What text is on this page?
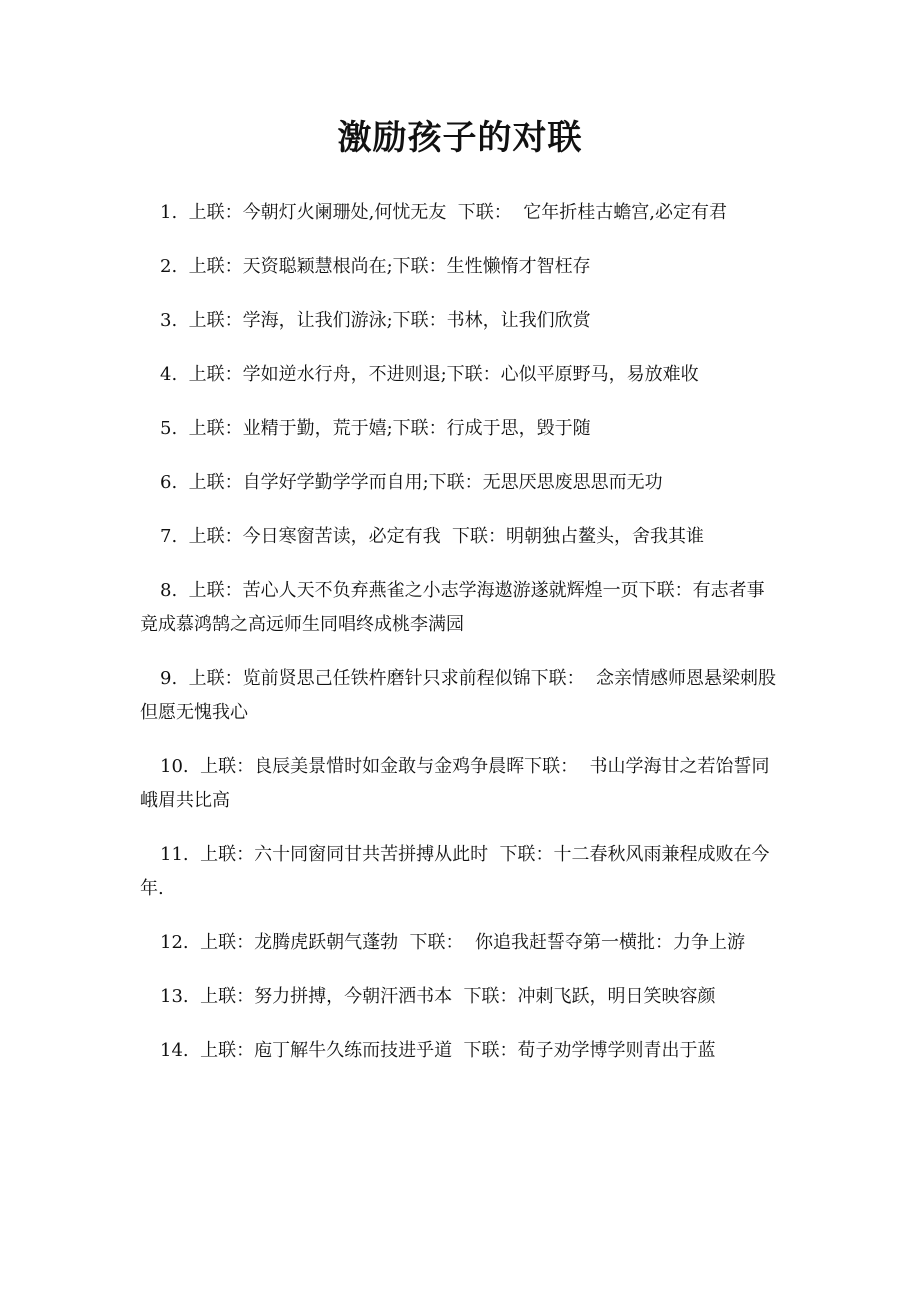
激励孩子的对联
1.  上联：今朝灯火阑珊处,何忧无友  下联：  它年折桂古蟾宫,必定有君
2.  上联：天资聪颖慧根尚在;下联：生性懒惰才智枉存
3.  上联：学海，让我们游泳;下联：书林，让我们欣赏
4.  上联：学如逆水行舟，不进则退;下联：心似平原野马，易放难收
5.  上联：业精于勤，荒于嬉;下联：行成于思，毁于随
6.  上联：自学好学勤学学而自用;下联：无思厌思废思思而无功
7.  上联：今日寒窗苦读，必定有我  下联：明朝独占鳌头，舍我其谁
8.  上联：苦心人天不负弃燕雀之小志学海遨游遂就辉煌一页下联：有志者事竟成慕鸿鹄之高远师生同唱终成桃李满园
9.  上联：览前贤思己任铁杵磨针只求前程似锦下联：  念亲情感师恩悬梁刺股但愿无愧我心
10.  上联：良辰美景惜时如金敢与金鸡争晨晖下联：  书山学海甘之若饴誓同峨眉共比高
11.  上联：六十同窗同甘共苦拼搏从此时  下联：十二春秋风雨兼程成败在今年.
12.  上联：龙腾虎跃朝气蓬勃  下联：  你追我赶誓夺第一横批：力争上游
13.  上联：努力拼搏，今朝汗洒书本  下联：冲刺飞跃，明日笑映容颜
14.  上联：庖丁解牛久练而技进乎道  下联：荀子劝学博学则青出于蓝
